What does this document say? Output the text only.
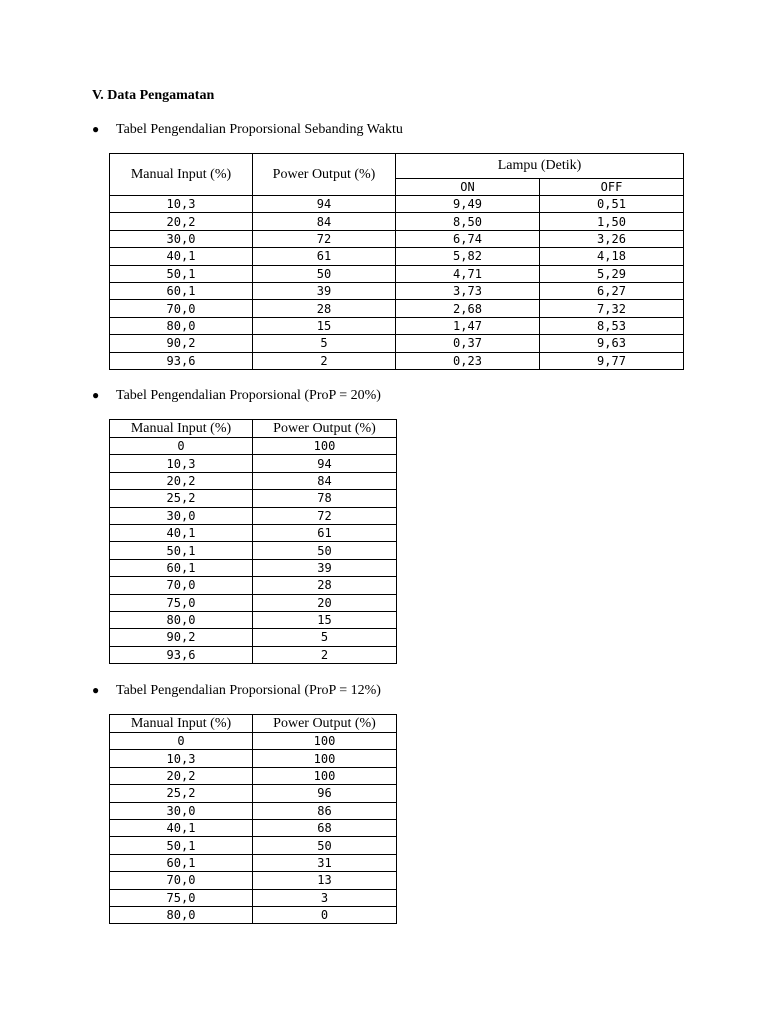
V. Data Pengamatan
● Tabel Pengendalian Proporsional Sebanding Waktu
Manual Input (%)	Power Output (%)	Lampu (Detik)	
		ON	OFF
10,3	94	9,49	0,51
20,2	84	8,50	1,50
30,0	72	6,74	3,26
40,1	61	5,82	4,18
50,1	50	4,71	5,29
60,1	39	3,73	6,27
70,0	28	2,68	7,32
80,0	15	1,47	8,53
90,2	5	0,37	9,63
93,6	2	0,23	9,77
● Tabel Pengendalian Proporsional (ProP = 20%)
Manual Input (%)	Power Output (%)
0	100
10,3	94
20,2	84
25,2	78
30,0	72
40,1	61
50,1	50
60,1	39
70,0	28
75,0	20
80,0	15
90,2	5
93,6	2
● Tabel Pengendalian Proporsional (ProP = 12%)
Manual Input (%)	Power Output (%)
0	100
10,3	100
20,2	100
25,2	96
30,0	86
40,1	68
50,1	50
60,1	31
70,0	13
75,0	3
80,0	0
